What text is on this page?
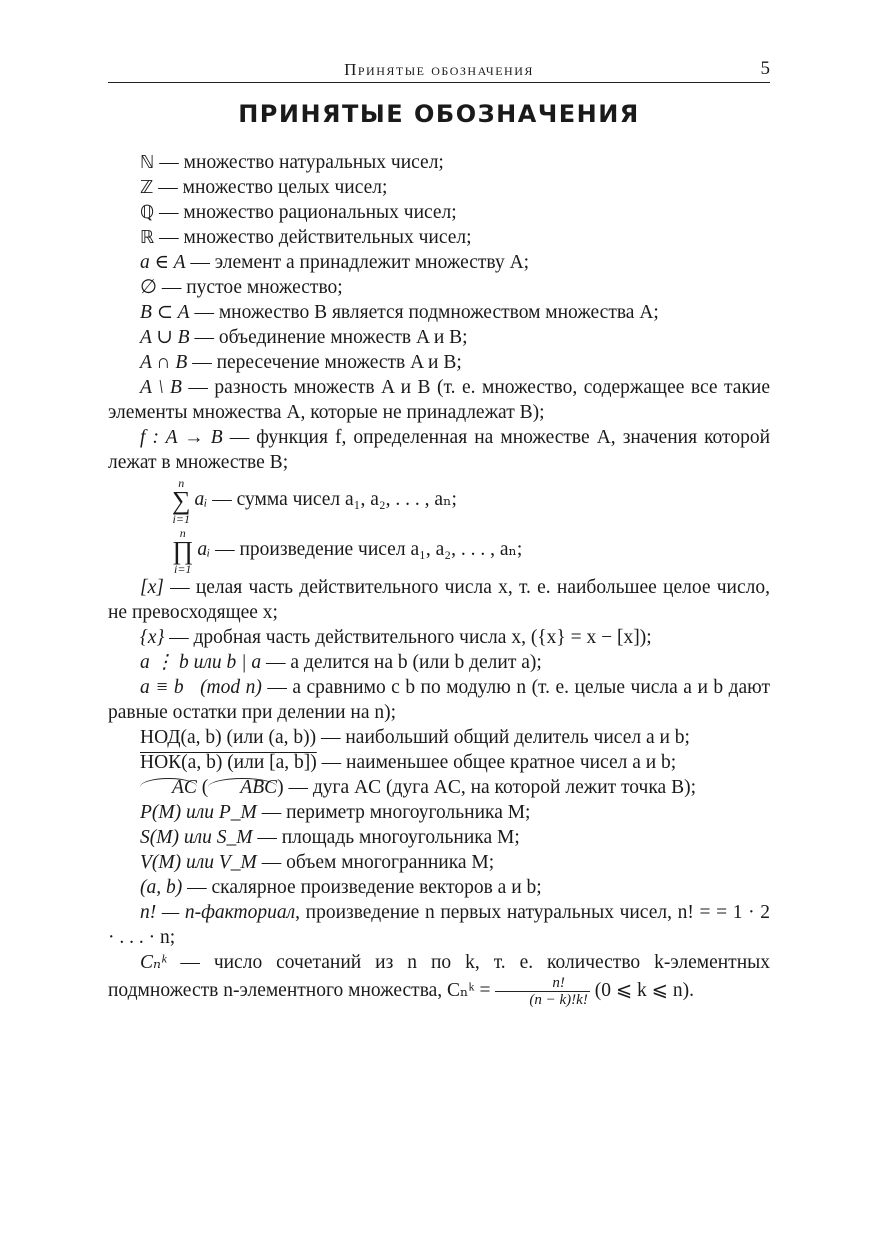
Принятые обозначения	5
ПРИНЯТЫЕ ОБОЗНАЧЕНИЯ

ℕ — множество натуральных чисел;

ℤ — множество целых чисел;

ℚ — множество рациональных чисел;

ℝ — множество действительных чисел;

a ∈ A — элемент a принадлежит множеству A;

∅ — пустое множество;

B ⊂ A — множество B является подмножеством множества A;

A ∪ B — объединение множеств A и B;

A ∩ B — пересечение множеств A и B;

A \ B — разность множеств A и B (т. е. множество, содержащее все такие элементы множества A, которые не принадлежат B);

f : A → B — функция f, определенная на множестве A, значения которой лежат в множестве B;

n
∑
i=1
aᵢ — сумма чисел a₁, a₂, . . . , aₙ;

n
∏
i=1
aᵢ — произведение чисел a₁, a₂, . . . , aₙ;

[x] — целая часть действительного числа x, т. е. наибольшее целое число, не превосходящее x;

{x} — дробная часть действительного числа x, ({x} = x − [x]);

a ⋮ b или b | a — a делится на b (или b делит a);

a ≡ b   (mod n) — a сравнимо с b по модулю n (т. е. целые числа a и b дают равные остатки при делении на n);

НОД(a, b) (или (a, b)) — наибольший общий делитель чисел a и b;

НОК(a, b) (или [a, b]) — наименьшее общее кратное чисел a и b;

AC ( ABC) — дуга AC (дуга AC, на которой лежит точка B);

P(M) или P_M — периметр многоугольника M;

S(M) или S_M — площадь многоугольника M;

V(M) или V_M — объем многогранника M;

(a, b) — скалярное произведение векторов a и b;

n! — n-факториал, произведение n первых натуральных чисел, n! = = 1 · 2 · . . . · n;

Cₙᵏ — число сочетаний из n по k, т. е. количество k-элементных подмножеств n-элементного множества, Cₙᵏ = $\frac{n!}{(n - k)!k!} (0$ ⩽ k ⩽ n).
